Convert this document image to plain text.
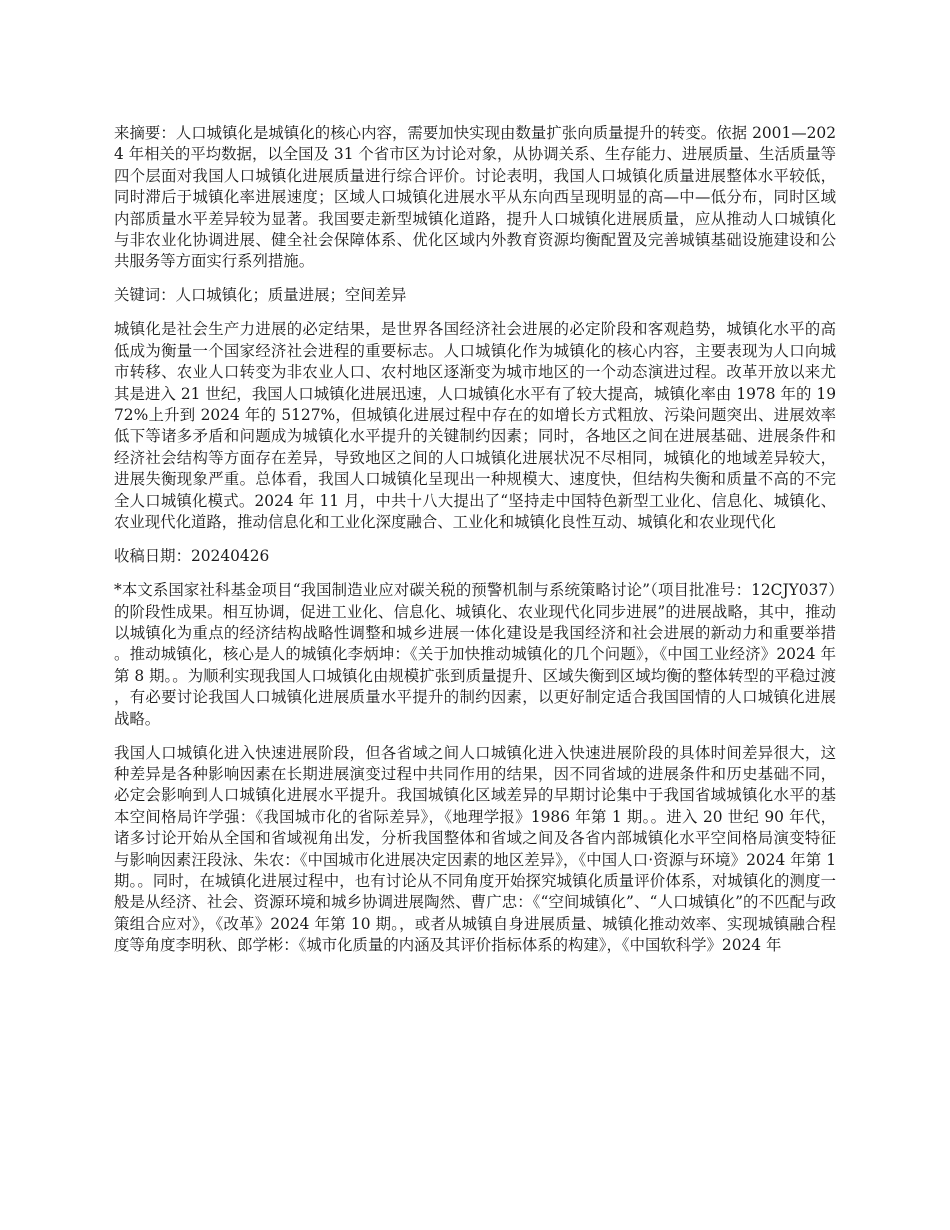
来摘要：人口城镇化是城镇化的核心内容，需要加快实现由数量扩张向质量提升的转变。依据 2001—2024 年相关的平均数据，以全国及 31 个省市区为讨论对象，从协调关系、生存能力、进展质量、生活质量等四个层面对我国人口城镇化进展质量进行综合评价。讨论表明，我国人口城镇化质量进展整体水平较低，同时滞后于城镇化率进展速度；区域人口城镇化进展水平从东向西呈现明显的高—中—低分布，同时区域内部质量水平差异较为显著。我国要走新型城镇化道路，提升人口城镇化进展质量，应从推动人口城镇化与非农业化协调进展、健全社会保障体系、优化区域内外教育资源均衡配置及完善城镇基础设施建设和公共服务等方面实行系列措施。

关键词：人口城镇化；质量进展；空间差异

城镇化是社会生产力进展的必定结果，是世界各国经济社会进展的必定阶段和客观趋势，城镇化水平的高低成为衡量一个国家经济社会进程的重要标志。人口城镇化作为城镇化的核心内容，主要表现为人口向城市转移、农业人口转变为非农业人口、农村地区逐渐变为城市地区的一个动态演进过程。改革开放以来尤其是进入 21 世纪，我国人口城镇化进展迅速，人口城镇化水平有了较大提高，城镇化率由 1978 年的 1972%上升到 2024 年的 5127%，但城镇化进展过程中存在的如增长方式粗放、污染问题突出、进展效率低下等诸多矛盾和问题成为城镇化水平提升的关键制约因素；同时，各地区之间在进展基础、进展条件和经济社会结构等方面存在差异，导致地区之间的人口城镇化进展状况不尽相同，城镇化的地域差异较大，进展失衡现象严重。总体看，我国人口城镇化呈现出一种规模大、速度快，但结构失衡和质量不高的不完全人口城镇化模式。2024 年 11 月，中共十八大提出了“坚持走中国特色新型工业化、信息化、城镇化、农业现代化道路，推动信息化和工业化深度融合、工业化和城镇化良性互动、城镇化和农业现代化

收稿日期：20240426

*本文系国家社科基金项目“我国制造业应对碳关税的预警机制与系统策略讨论”（项目批准号：12CJY037）的阶段性成果。相互协调，促进工业化、信息化、城镇化、农业现代化同步进展”的进展战略，其中，推动以城镇化为重点的经济结构战略性调整和城乡进展一体化建设是我国经济和社会进展的新动力和重要举措。推动城镇化，核心是人的城镇化李炳坤：《关于加快推动城镇化的几个问题》，《中国工业经济》2024 年第 8 期。。为顺利实现我国人口城镇化由规模扩张到质量提升、区域失衡到区域均衡的整体转型的平稳过渡，有必要讨论我国人口城镇化进展质量水平提升的制约因素，以更好制定适合我国国情的人口城镇化进展战略。

我国人口城镇化进入快速进展阶段，但各省域之间人口城镇化进入快速进展阶段的具体时间差异很大，这种差异是各种影响因素在长期进展演变过程中共同作用的结果，因不同省域的进展条件和历史基础不同，必定会影响到人口城镇化进展水平提升。我国城镇化区域差异的早期讨论集中于我国省域城镇化水平的基本空间格局许学强：《我国城市化的省际差异》，《地理学报》1986 年第 1 期。。进入 20 世纪 90 年代，诸多讨论开始从全国和省域视角出发，分析我国整体和省域之间及各省内部城镇化水平空间格局演变特征与影响因素汪段泳、朱农：《中国城市化进展决定因素的地区差异》，《中国人口·资源与环境》2024 年第 1 期。。同时，在城镇化进展过程中，也有讨论从不同角度开始探究城镇化质量评价体系，对城镇化的测度一般是从经济、社会、资源环境和城乡协调进展陶然、曹广忠：《“空间城镇化”、“人口城镇化”的不匹配与政策组合应对》，《改革》2024 年第 10 期。，或者从城镇自身进展质量、城镇化推动效率、实现城镇融合程度等角度李明秋、郎学彬：《城市化质量的内涵及其评价指标体系的构建》，《中国软科学》2024 年
